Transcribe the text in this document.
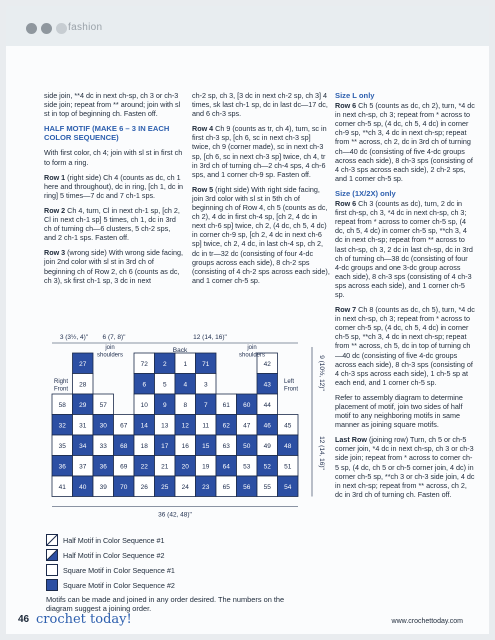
fashion

side join, **4 dc in next ch-sp, ch 3 or ch-3 side join; repeat from ** around; join with sl st in top of beginning ch. Fasten off.

HALF MOTIF (MAKE 6 – 3 IN EACH COLOR SEQUENCE)

With first color, ch 4; join with sl st in first ch to form a ring.

Row 1 (right side) Ch 4 (counts as dc, ch 1 here and throughout), dc in ring, [ch 1, dc in ring] 5 times—7 dc and 7 ch-1 sps.

Row 2 Ch 4, turn, Cl in next ch-1 sp, [ch 2, Cl in next ch-1 sp] 5 times, ch 1, dc in 3rd ch of turning ch—6 clusters, 5 ch-2 sps, and 2 ch-1 sps. Fasten off.

Row 3 (wrong side) With wrong side facing, join 2nd color with sl st in 3rd ch of beginning ch of Row 2, ch 6 (counts as dc, ch 3), sk first ch-1 sp, 3 dc in next

ch-2 sp, ch 3, [3 dc in next ch-2 sp, ch 3] 4 times, sk last ch-1 sp, dc in last dc—17 dc, and 6 ch-3 sps.

Row 4 Ch 9 (counts as tr, ch 4), turn, sc in first ch-3 sp, [ch 6, sc in next ch-3 sp] twice, ch 9 (corner made), sc in next ch-3 sp, [ch 6, sc in next ch-3 sp] twice, ch 4, tr in 3rd ch of turning ch—2 ch-4 sps, 4 ch-6 sps, and 1 corner ch-9 sp. Fasten off.

Row 5 (right side) With right side facing, join 3rd color with sl st in 5th ch of beginning ch of Row 4, ch 5 (counts as dc, ch 2), 4 dc in first ch-4 sp, [ch 2, 4 dc in next ch-6 sp] twice, ch 2, (4 dc, ch 5, 4 dc) in corner ch-9 sp, [ch 2, 4 dc in next ch-6 sp] twice, ch 2, 4 dc, in last ch-4 sp, ch 2, dc in tr—32 dc (consisting of four 4-dc groups across each side), 8 ch-2 sps (consisting of 4 ch-2 sps across each side), and 1 corner ch-5 sp.

Size L only

Row 6 Ch 5 (counts as dc, ch 2), turn, *4 dc in next ch-sp, ch 3; repeat from * across to corner ch-5 sp, (4 dc, ch 5, 4 dc) in corner ch-9 sp, **ch 3, 4 dc in next ch-sp; repeat from ** across, ch 2, dc in 3rd ch of turning ch—40 dc (consisting of five 4-dc groups across each side), 8 ch-3 sps (consisting of 4 ch-3 sps across each side), 2 ch-2 sps, and 1 corner ch-5 sp.

Size (1X/2X) only

Row 6 Ch 3 (counts as dc), turn, 2 dc in first ch-sp, ch 3, *4 dc in next ch-sp, ch 3; repeat from * across to corner ch-5 sp, (4 dc, ch 5, 4 dc) in corner ch-5 sp, **ch 3, 4 dc in next ch-sp; repeat from ** across to last ch-sp, ch 3, 2 dc in last ch-sp, dc in 3rd ch of turning ch—38 dc (consisting of four 4-dc groups and one 3-dc group across each side), 8 ch-3 sps (consisting of 4 ch-3 sps across each side), and 1 corner ch-5 sp.

Row 7 Ch 8 (counts as dc, ch 5), turn, *4 dc in next ch-sp, ch 3; repeat from * across to corner ch-5 sp, (4 dc, ch 5, 4 dc) in corner ch-5 sp, **ch 3, 4 dc in next ch-sp; repeat from ** across, ch 5, dc in top of turning ch—40 dc (consisting of five 4-dc groups across each side), 8 ch-3 sps (consisting of 4 ch-3 sps across each side), 1 ch-5 sp at each end, and 1 corner ch-5 sp.

Refer to assembly diagram to determine placement of motif, join two sides of half motif to any neighboring motifs in same manner as joining square motifs.

Last Row (joining row) Turn, ch 5 or ch-5 corner join, *4 dc in next ch-sp, ch 3 or ch-3 side join; repeat from * across to corner ch-5 sp, (4 dc, ch 5 or ch-5 corner join, 4 dc) in corner ch-5 sp, **ch 3 or ch-3 side join, 4 dc in next ch-sp; repeat from ** across, ch 2, dc in 3rd ch of turning ch. Fasten off.

27	72 2	1 71	42
28	6	5	4	3	43
58 29 57	10 9	8	7 61 60 44
32 31 30 67 14 13 12 11 62 47 46 45
35 34 33 68 18 17 16 15 63 50 49 48
36 37 36 69 22 21 20 19 64 53 52 51
41 40 39 70 26 25 24 23 65 56 55 54
36 (42, 48)"
3 (3½, 4)" 6 (7, 8)"	12 (14, 16)"
join
shoulders
Back	join
shoulders
Right
Front
Left
Front	9 (10½, 12)"
12 (14, 16)"
Half Motif in Color Sequence #1
Half Motif in Color Sequence #2
Square Motif in Color Sequence #1
Square Motif in Color Sequence #2
Motifs can be made and joined in any order desired. The numbers on the diagram suggest a joining order.
46 crochet today!	www.crochettoday.com
